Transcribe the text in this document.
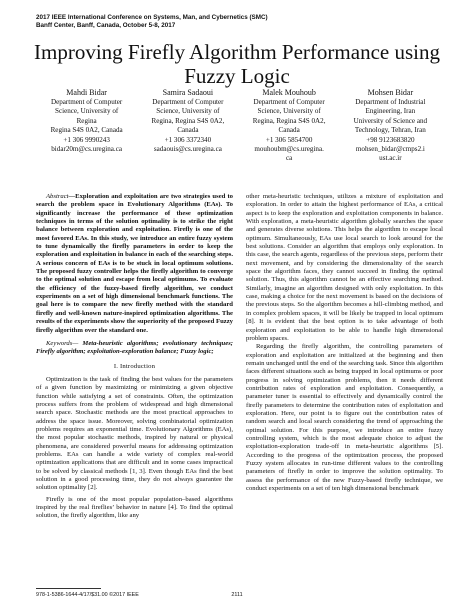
2017 IEEE International Conference on Systems, Man, and Cybernetics (SMC)
Banff Center, Banff, Canada, October 5-8, 2017
Improving Firefly Algorithm Performance using
Fuzzy Logic
Mahdi Bidar
Department of Computer
Science, University of
Regina
Regina S4S 0A2, Canada
+1 306 9990243
bidar20m@cs.uregina.ca
Samira Sadaoui
Department of Computer
Science, University of
Regina, Regina S4S 0A2,
Canada
+1 306 3372340
sadaouis@cs.uregina.ca
Malek Mouhoub
Department of Computer
Science, University of
Regina, Regina S4S 0A2,
Canada
+1 306 5854700
mouhoubm@cs.uregina.
ca
Mohsen Bidar
Department of Industrial
Engineering, Iran
University of Science and
Technology, Tehran, Iran
+98 9123683820
mohsen_bidar@cmps2.i
ust.ac.ir

Abstract—Exploration and exploitation are two strategies used to search the problem space in Evolutionary Algorithms (EAs). To significantly increase the performance of these optimization techniques in terms of the solution optimality is to strike the right balance between exploration and exploitation. Firefly is one of the most favored EAs. In this study, we introduce an entire fuzzy system to tune dynamically the firefly parameters in order to keep the exploration and exploitation in balance in each of the searching steps. A serious concern of EAs is to be stuck in local optimum solutions. The proposed fuzzy controller helps the firefly algorithm to converge to the optimal solution and escape from local optimums. To evaluate the efficiency of the fuzzy-based firefly algorithm, we conduct experiments on a set of high dimensional benchmark functions. The goal here is to compare the new firefly method with the standard firefly and well-known nature-inspired optimization algorithms. The results of the experiments show the superiority of the proposed Fuzzy firefly algorithm over the standard one.

Keywords— Meta-heuristic algorithms; evolutionary techniques; Firefly algorithm; exploitation-exploration balance; Fuzzy logic;

I. Introduction

Optimization is the task of finding the best values for the parameters of a given function by maximizing or minimizing a given objective function while satisfying a set of constraints. Often, the optimization process suffers from the problem of widespread and high dimensional search space. Stochastic methods are the most practical approaches to address the space issue. Moreover, solving combinatorial optimization problems requires an exponential time. Evolutionary Algorithms (EAs), the most popular stochastic methods, inspired by natural or physical phenomena, are considered powerful means for addressing optimization problems. EAs can handle a wide variety of complex real-world optimization applications that are difficult and in some cases impractical to be solved by classical methods [1, 3]. Even though EAs find the best solution in a good processing time, they do not always guarantee the solution optimality [2].

Firefly is one of the most popular population–based algorithms inspired by the real fireflies’ behavior in nature [4]. To find the optimal solution, the firefly algorithm, like any

other meta-heuristic techniques, utilizes a mixture of exploitation and exploration. In order to attain the highest performance of EAs, a critical aspect is to keep the exploration and exploitation components in balance. With exploration, a meta-heuristic algorithm globally searches the space and generates diverse solutions. This helps the algorithm to escape local optimum. Simultaneously, EAs use local search to look around for the best solutions. Consider an algorithm that employs only exploration. In this case, the search agents, regardless of the previous steps, perform their next movement, and by considering the dimensionality of the search space the algorithm faces, they cannot succeed in finding the optimal solution. Thus, this algorithm cannot be an effective searching method. Similarly, imagine an algorithm designed with only exploitation. In this case, making a choice for the next movement is based on the decisions of the previous steps. So the algorithm becomes a hill-climbing method, and in complex problem spaces, it will be likely be trapped in local optimum [8]. It is evident that the best option is to take advantage of both exploration and exploitation to be able to handle high dimensional problem spaces.

Regarding the firefly algorithm, the controlling parameters of exploration and exploitation are initialized at the beginning and then remain unchanged until the end of the searching task. Since this algorithm faces different situations such as being trapped in local optimums or poor progress in solving optimization problems, then it needs different contribution rates of exploration and exploitation. Consequently, a parameter tuner is essential to effectively and dynamically control the firefly parameters to determine the contribution rates of exploitation and exploration. Here, our point is to figure out the contribution rates of random search and local search considering the trend of approaching the optimal solution. For this purpose, we introduce an entire fuzzy controlling system, which is the most adequate choice to adjust the exploitation-exploration trade-off in meta-heuristic algorithms [5]. According to the progress of the optimization process, the proposed Fuzzy system allocates in run-time different values to the controlling parameters of firefly in order to improve the solution optimality. To assess the performance of the new Fuzzy-based firefly technique, we conduct experiments on a set of ten high dimensional benchmark

978-1-5386-1644-4/17/$31.00 ©2017 IEEE	2111
